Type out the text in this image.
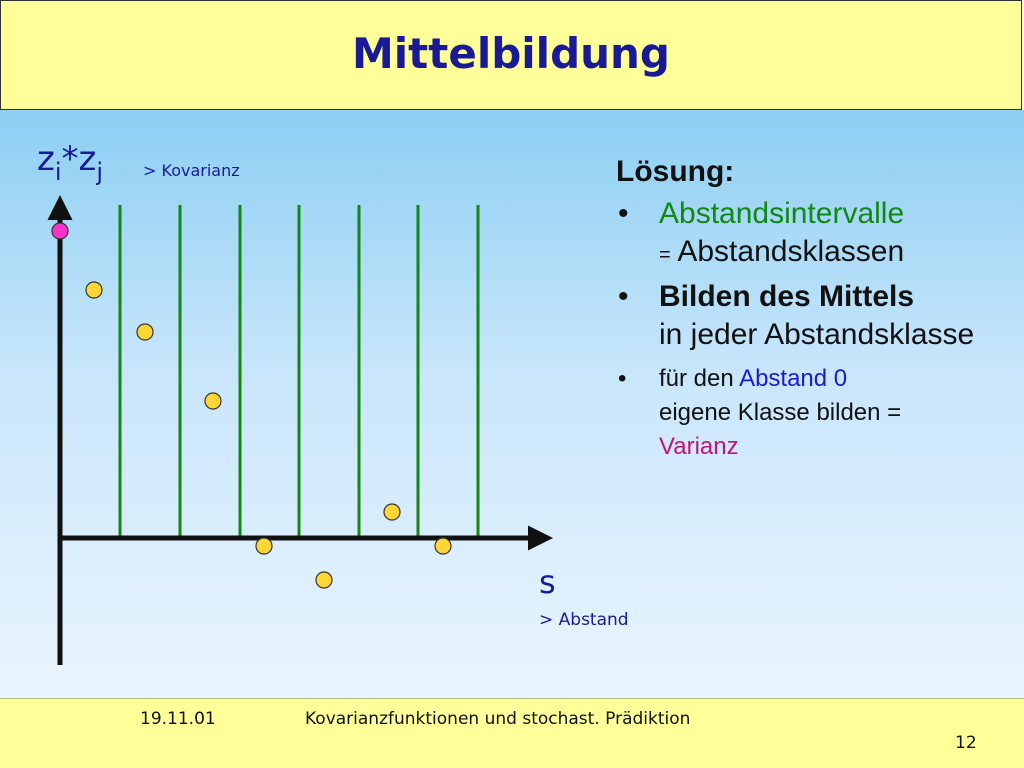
Mittelbildung
$z_i*z_j$ > Kovarianz
s
> Abstand
Lösung:
• Abstandsintervalle
= Abstandsklassen
• Bilden des Mittels
in jeder Abstandsklasse
• für den Abstand 0
eigene Klasse bilden =
Varianz
19.11.01	Kovarianzfunktionen und stochast. Prädiktion
12
